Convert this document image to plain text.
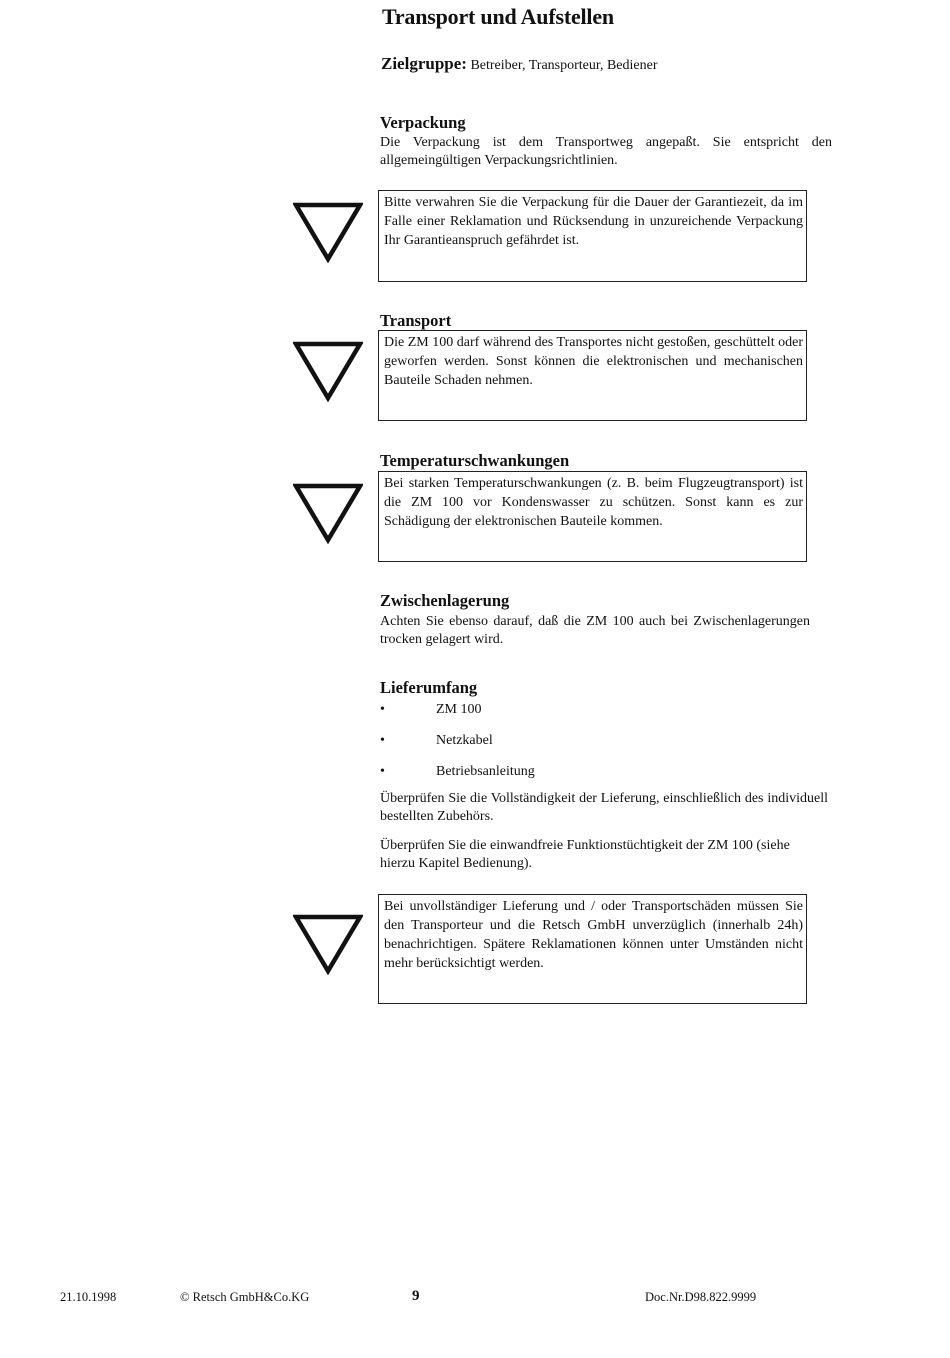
Transport und Aufstellen
Zielgruppe: Betreiber, Transporteur, Bediener
Verpackung

Die Verpackung ist dem Transportweg angepaßt. Sie entspricht den allgemeingültigen Verpackungsrichtlinien.

Bitte verwahren Sie die Verpackung für die Dauer der Garantiezeit, da im Falle einer Reklamation und Rücksendung in unzureichende Verpackung Ihr Garantieanspruch gefährdet ist.
Transport
Die ZM 100 darf während des Transportes nicht gestoßen, geschüttelt oder geworfen werden. Sonst können die elektronischen und mechanischen Bauteile Schaden nehmen.
Temperaturschwankungen
Bei starken Temperaturschwankungen (z. B. beim Flugzeugtransport) ist die ZM 100 vor Kondenswasser zu schützen. Sonst kann es zur Schädigung der elektronischen Bauteile kommen.
Zwischenlagerung

Achten Sie ebenso darauf, daß die ZM 100 auch bei Zwischenlagerungen trocken gelagert wird.

Lieferumfang
•	ZM 100
•	Netzkabel
•	Betriebsanleitung

Überprüfen Sie die Vollständigkeit der Lieferung, einschließlich des individuell bestellten Zubehörs.

Überprüfen Sie die einwandfreie Funktionstüchtigkeit der ZM 100 (siehe hierzu Kapitel Bedienung).

Bei unvollständiger Lieferung und / oder Transportschäden müssen Sie den Transporteur und die Retsch GmbH unverzüglich (innerhalb 24h) benachrichtigen. Spätere Reklamationen können unter Umständen nicht mehr berücksichtigt werden.
21.10.1998	© Retsch GmbH&Co.KG	9	Doc.Nr.D98.822.9999
